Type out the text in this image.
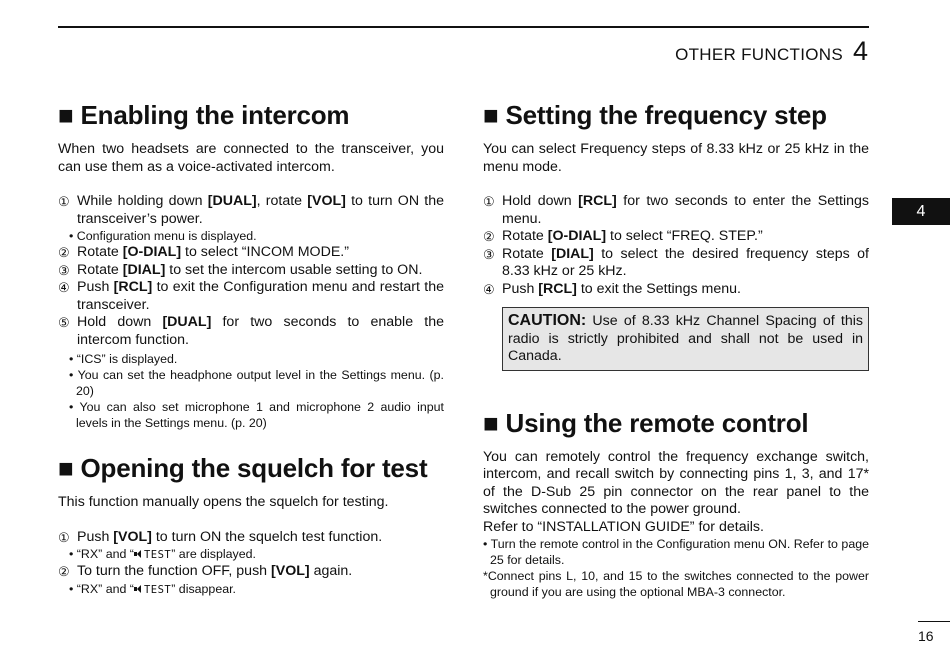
OTHER FUNCTIONS 4
4
16
■ Enabling the intercom

When two headsets are connected to the transceiver, you can use them as a voice-activated intercom.

① While holding down [DUAL], rotate [VOL] to turn ON the transceiver’s power.
• Configuration menu is displayed.
② Rotate [O-DIAL] to select “INCOM MODE.”
③ Rotate [DIAL] to set the intercom usable setting to ON.
④ Push [RCL] to exit the Configuration menu and restart the transceiver.
⑤ Hold down [DUAL] for two seconds to enable the intercom function.
• “ICS” is displayed.
• You can set the headphone output level in the Settings menu. (p. 20)
• You can also set microphone 1 and microphone 2 audio input levels in the Settings menu. (p. 20)
■ Opening the squelch for test

This function manually opens the squelch for testing.

① Push [VOL] to turn ON the squelch test function.
• “RX” and “ TEST” are displayed.
② To turn the function OFF, push [VOL] again.
• “RX” and “ TEST” disappear.
■ Setting the frequency step

You can select Frequency steps of 8.33 kHz or 25 kHz in the menu mode.

① Hold down [RCL] for two seconds to enter the Settings menu.
② Rotate [O-DIAL] to select “FREQ. STEP.”
③ Rotate [DIAL] to select the desired frequency steps of 8.33 kHz or 25 kHz.
④ Push [RCL] to exit the Settings menu.
CAUTION: Use of 8.33 kHz Channel Spacing of this radio is strictly prohibited and shall not be used in Canada.
■ Using the remote control

You can remotely control the frequency exchange switch, intercom, and recall switch by connecting pins 1, 3, and 17* of the D-Sub 25 pin connector on the rear panel to the switches connected to the power ground.

Refer to “INSTALLATION GUIDE” for details.

• Turn the remote control in the Configuration menu ON. Refer to page 25 for details.
*Connect pins L, 10, and 15 to the switches connected to the power ground if you are using the optional MBA-3 connector.
